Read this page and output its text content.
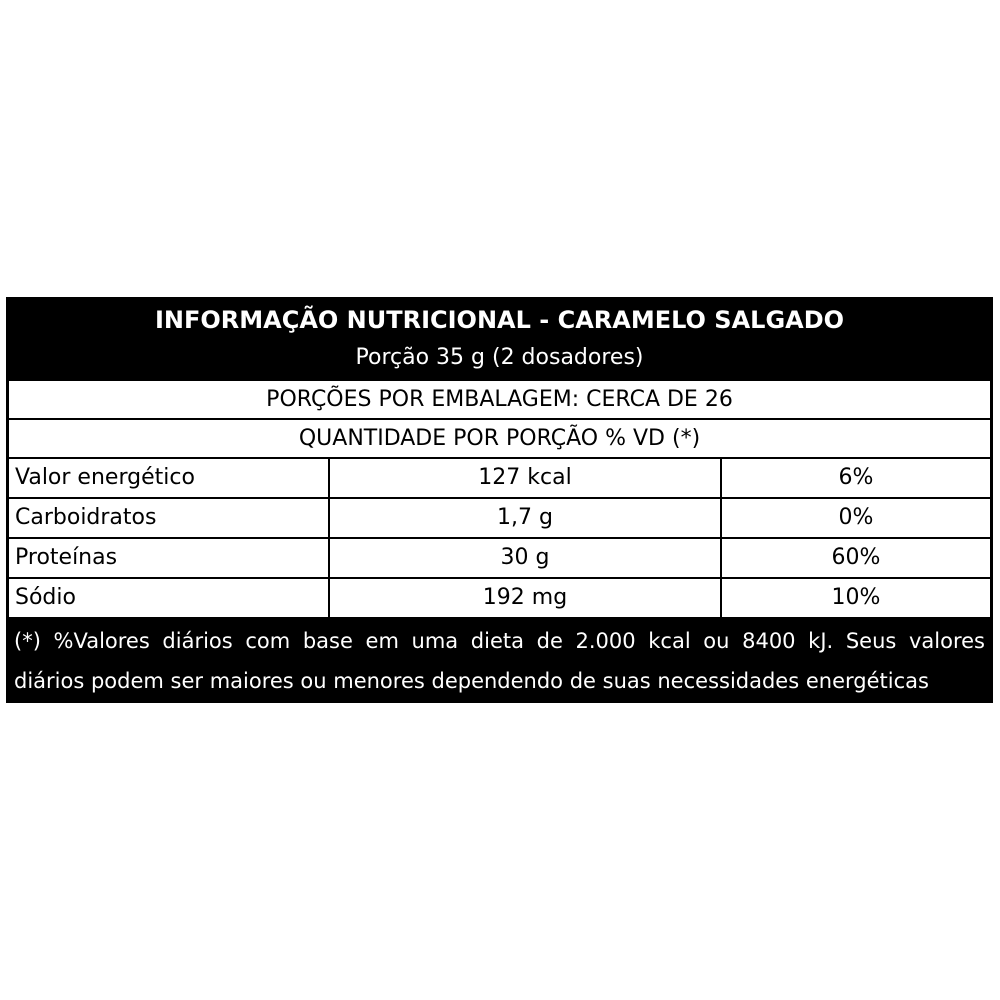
INFORMAÇÃO NUTRICIONAL - CARAMELO SALGADO
Porção 35 g (2 dosadores)
PORÇÕES POR EMBALAGEM: CERCA DE 26
QUANTIDADE POR PORÇÃO % VD (*)
Valor energético	127 kcal	6%
Carboidratos	1,7 g	0%
Proteínas	30 g	60%
Sódio	192 mg	10%
(*) %Valores diários com base em uma dieta de 2.000 kcal ou 8400 kJ. Seus valores
diários podem ser maiores ou menores dependendo de suas necessidades energéticas
